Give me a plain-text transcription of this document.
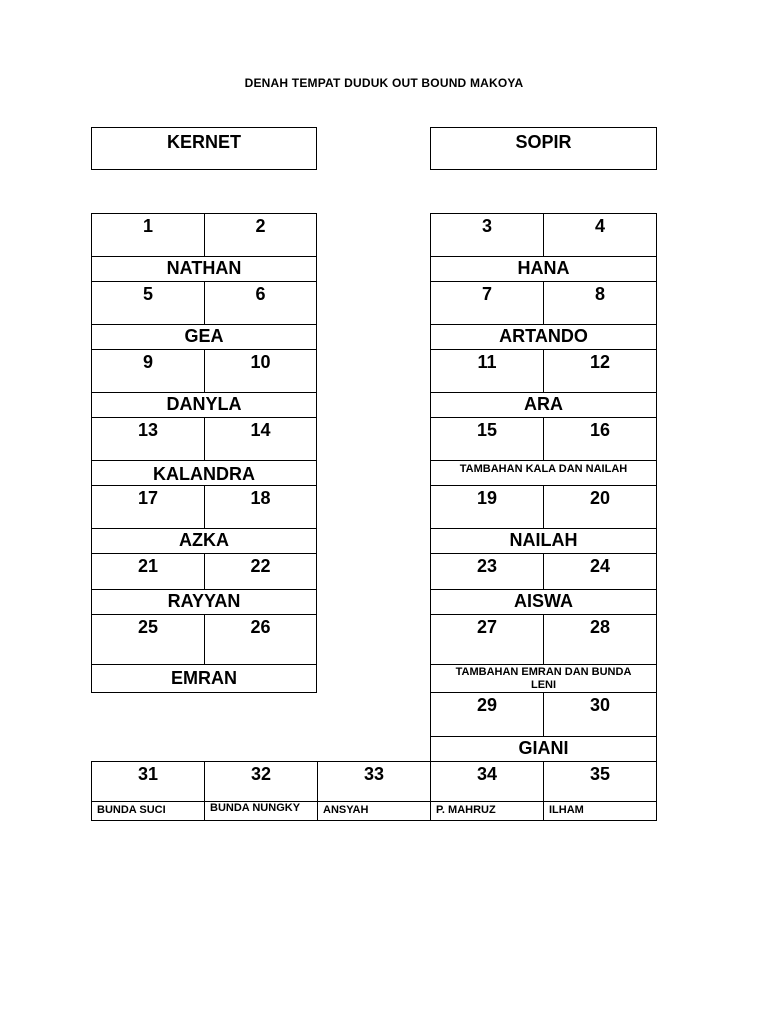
DENAH TEMPAT DUDUK OUT BOUND MAKOYA
KERNET	SOPIR
1	2	3	4
NATHAN	HANA
5	6	7	8
GEA	ARTANDO
9	10	11	12
DANYLA	ARA
13	14	15	16
KALANDRA	TAMBAHAN KALA DAN NAILAH
17	18	19	20
AZKA	NAILAH
21	22	23	24
RAYYAN	AISWA
25	26	27	28
EMRAN	TAMBAHAN EMRAN DAN BUNDA LENI
29	30
GIANI
31	32	33	34	35
BUNDA SUCI	BUNDA NUNGKY	ANSYAH	P. MAHRUZ	ILHAM
